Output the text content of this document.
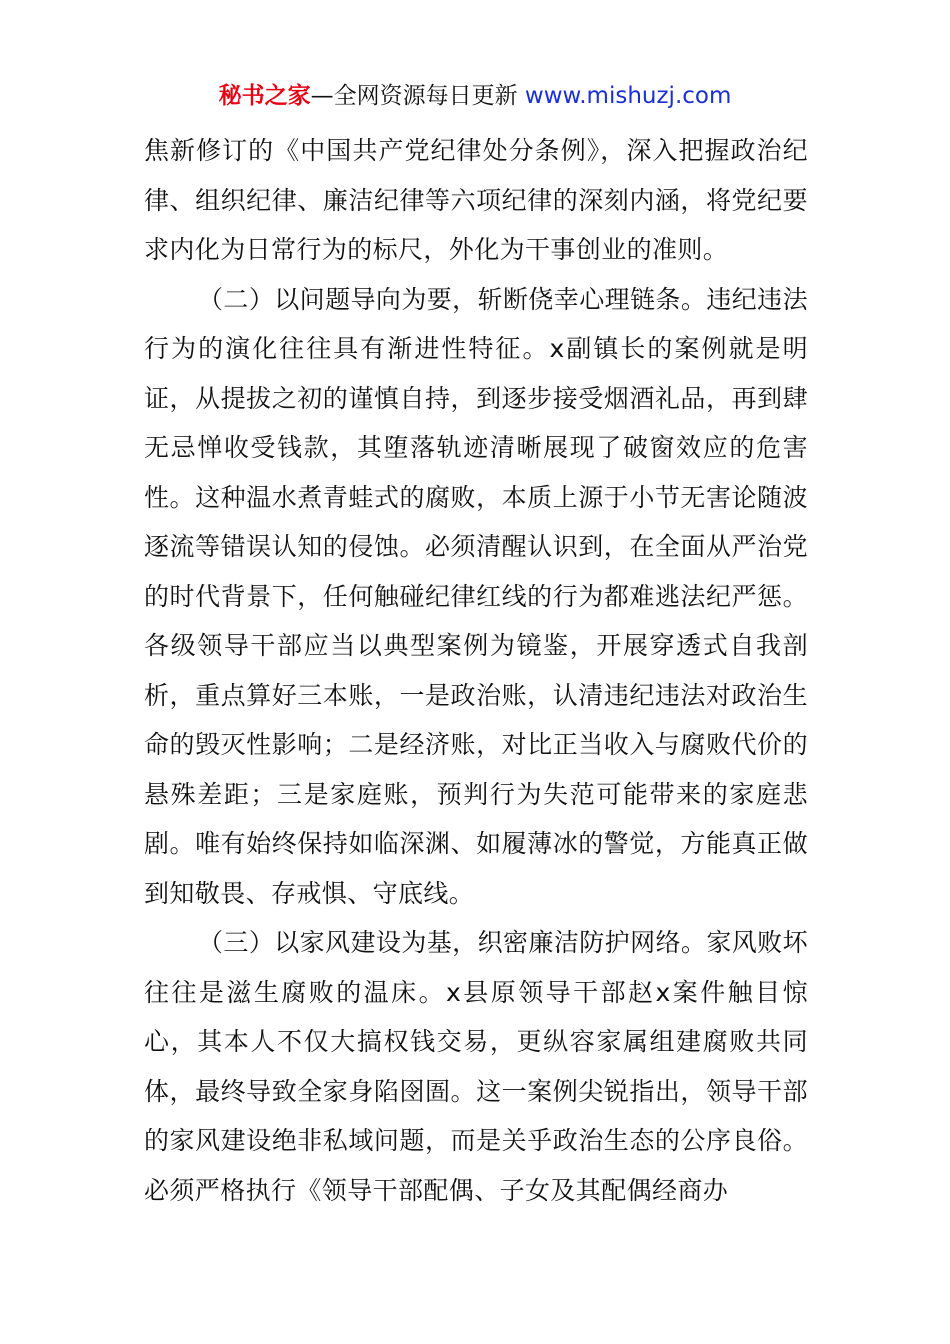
秘书之家—全网资源每日更新 www.mishuzj.com

焦新修订的《中国共产党纪律处分条例》，深入把握政治纪律、组织纪律、廉洁纪律等六项纪律的深刻内涵，将党纪要求内化为日常行为的标尺，外化为干事创业的准则。

（二）以问题导向为要，斩断侥幸心理链条。违纪违法行为的演化往往具有渐进性特征。x副镇长的案例就是明证，从提拔之初的谨慎自持，到逐步接受烟酒礼品，再到肆无忌惮收受钱款，其堕落轨迹清晰展现了破窗效应的危害性。这种温水煮青蛙式的腐败，本质上源于小节无害论随波逐流等错误认知的侵蚀。必须清醒认识到，在全面从严治党的时代背景下，任何触碰纪律红线的行为都难逃法纪严惩。各级领导干部应当以典型案例为镜鉴，开展穿透式自我剖析，重点算好三本账，一是政治账，认清违纪违法对政治生命的毁灭性影响；二是经济账，对比正当收入与腐败代价的悬殊差距；三是家庭账，预判行为失范可能带来的家庭悲剧。唯有始终保持如临深渊、如履薄冰的警觉，方能真正做到知敬畏、存戒惧、守底线。

（三）以家风建设为基，织密廉洁防护网络。家风败坏往往是滋生腐败的温床。x县原领导干部赵x案件触目惊心，其本人不仅大搞权钱交易，更纵容家属组建腐败共同体，最终导致全家身陷囹圄。这一案例尖锐指出，领导干部的家风建设绝非私域问题，而是关乎政治生态的公序良俗。必须严格执行《领导干部配偶、子女及其配偶经商办
